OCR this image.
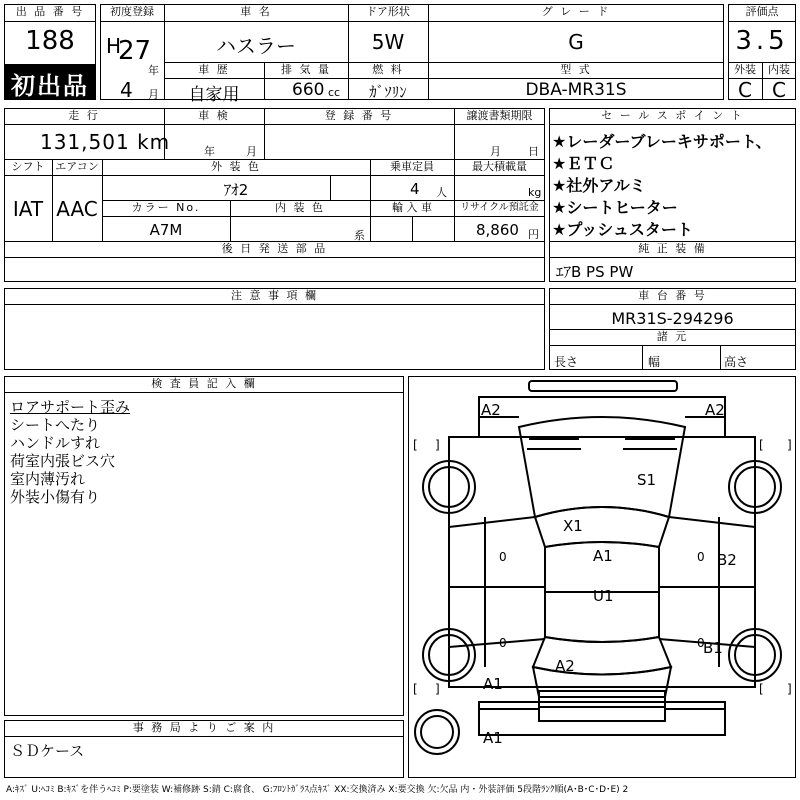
出 品 番 号
188
初出品
初度登録
H
27
年
4 月
車 名
ハスラー
ドア形状
5W
グ レ ー ド
G
車 歴
自家用
排 気 量
660 cc
燃 料
ｶﾞｿﾘﾝ
型 式
DBA-MR31S
評価点
3.5
外装	内装
C	C
走 行
131,501 km
車 検
年	月
登 録 番 号	譲渡書類期限
月 日
シフト
IAT
エアコン
AAC
外 装 色
ｱｵ2
乗車定員
4 人
最大積載量
kg
カラー No.
A7M
内 装 色
系
輸 入 車	リサイクル預託金
8,860 円
後 日 発 送 部 品
セ ー ル ス ポ イ ン ト
★レーダーブレーキサポート、
★ＥＴＣ
★社外アルミ
★シートヒーター
★プッシュスタート
純 正 装 備
ｴｱB PS PW
注 意 事 項 欄	車 台 番 号
MR31S-294296
諸 元
長さ	幅	高さ
検 査 員 記 入 欄
ロアサポート歪み
シートへたり
ハンドルすれ
荷室内張ビス穴
室内薄汚れ
外装小傷有り
事 務 局 よ り ご 案 内
ＳＤケース
[ ]	[ ]
[ ]	[ ]
0	0
0	0
A2	A2
S1
X1
A1	B2
U1
B1
A2
A1
A1
A:ｷｽﾞ U:ﾍｺﾐ B:ｷｽﾞを伴うﾍｺﾐ P:要塗装 W:補修跡 S:錆 C:腐食、 G:ﾌﾛﾝﾄｶﾞﾗｽ点ｷｽﾞ XX:交換済み X:要交換 欠:欠品 内・外装評価 5段階ﾗﾝｸ順(A･B･C･D･E) 2
